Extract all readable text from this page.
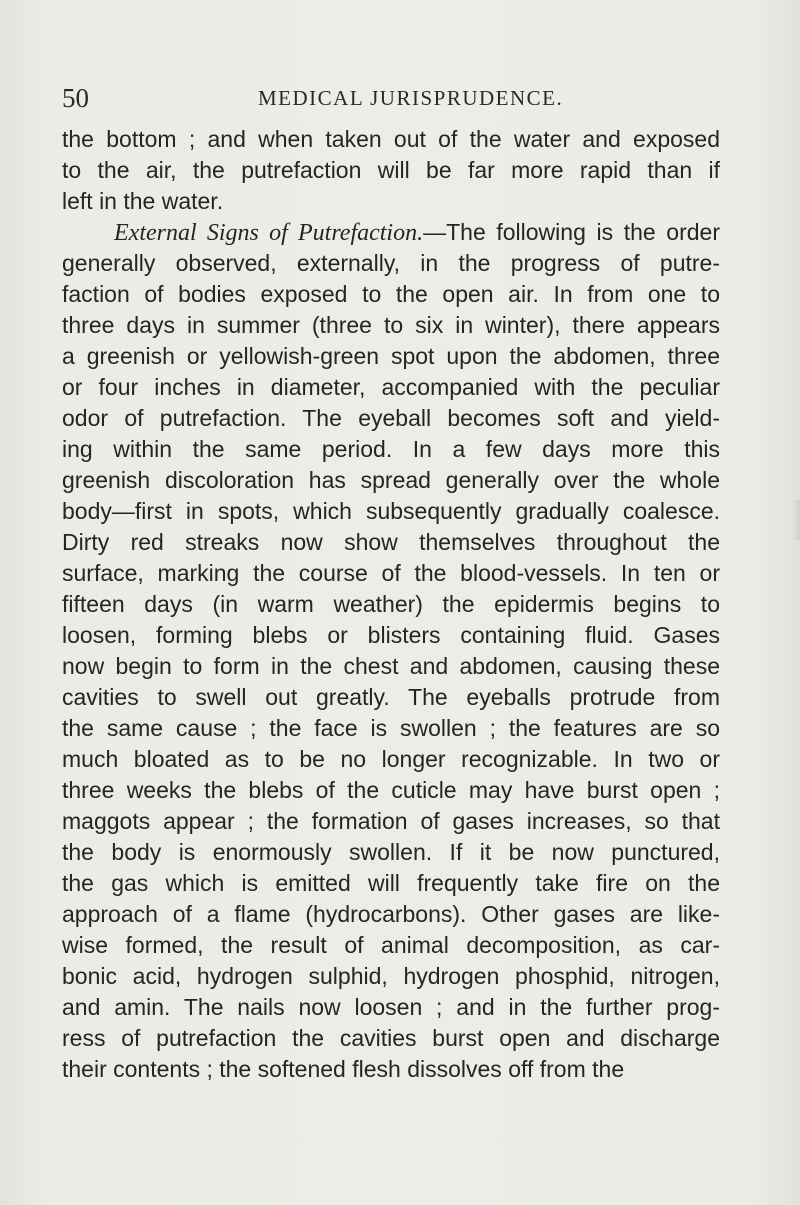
50	MEDICAL JURISPRUDENCE.
the bottom ; and when taken out of the water and exposed
to the air, the putrefaction will be far more rapid than if
left in the water.
External Signs of Putrefaction.—The following is the order
generally observed, externally, in the progress of putre-
faction of bodies exposed to the open air. In from one to
three days in summer (three to six in winter), there appears
a greenish or yellowish-green spot upon the abdomen, three
or four inches in diameter, accompanied with the peculiar
odor of putrefaction. The eyeball becomes soft and yield-
ing within the same period. In a few days more this
greenish discoloration has spread generally over the whole
body—first in spots, which subsequently gradually coalesce.
Dirty red streaks now show themselves throughout the
surface, marking the course of the blood-vessels. In ten or
fifteen days (in warm weather) the epidermis begins to
loosen, forming blebs or blisters containing fluid. Gases
now begin to form in the chest and abdomen, causing these
cavities to swell out greatly. The eyeballs protrude from
the same cause ; the face is swollen ; the features are so
much bloated as to be no longer recognizable. In two or
three weeks the blebs of the cuticle may have burst open ;
maggots appear ; the formation of gases increases, so that
the body is enormously swollen. If it be now punctured,
the gas which is emitted will frequently take fire on the
approach of a flame (hydrocarbons). Other gases are like-
wise formed, the result of animal decomposition, as car-
bonic acid, hydrogen sulphid, hydrogen phosphid, nitrogen,
and amin. The nails now loosen ; and in the further prog-
ress of putrefaction the cavities burst open and discharge
their contents ; the softened flesh dissolves off from the
